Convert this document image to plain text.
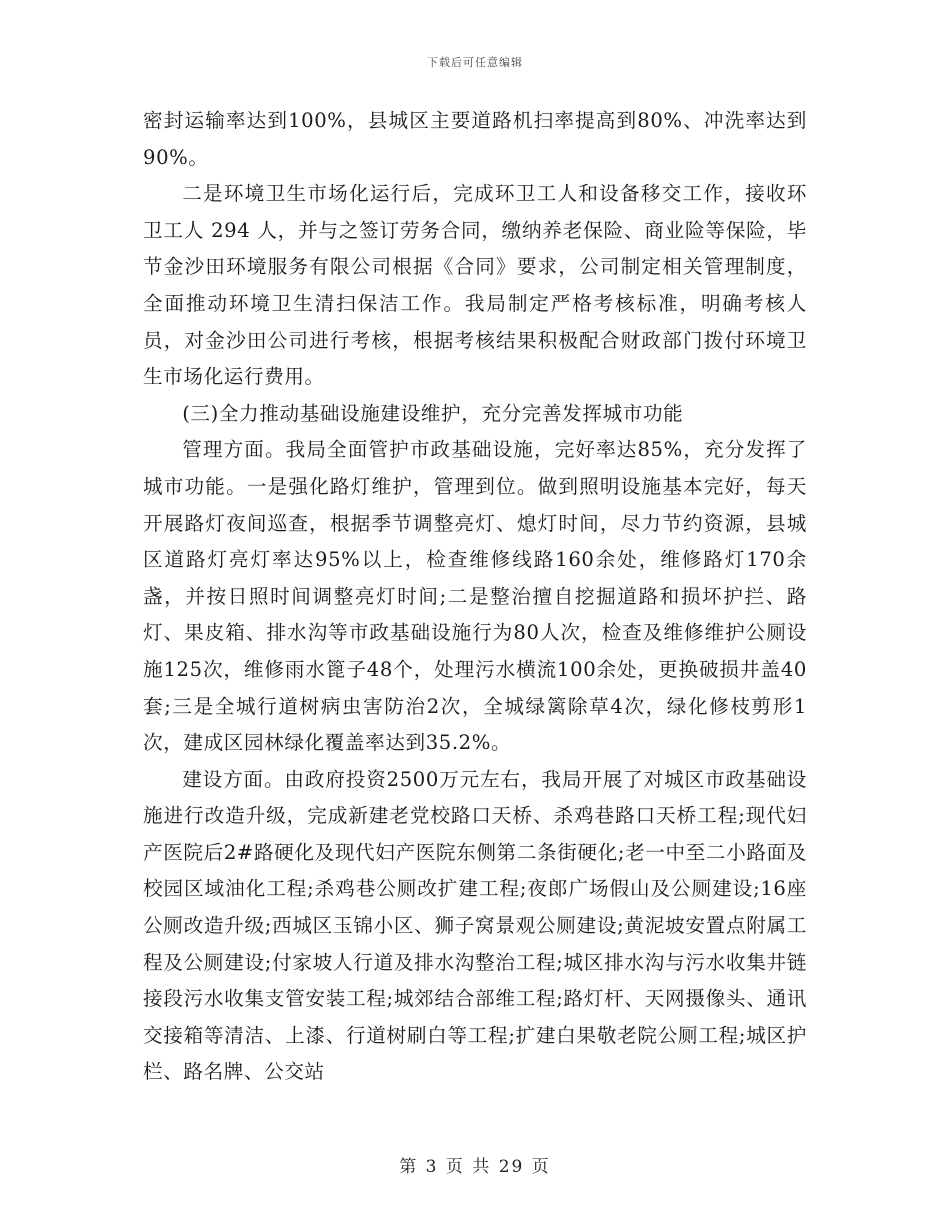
下载后可任意编辑

密封运输率达到100%，县城区主要道路机扫率提高到80%、冲洗率达到90%。

二是环境卫生市场化运行后，完成环卫工人和设备移交工作，接收环卫工人 294 人，并与之签订劳务合同，缴纳养老保险、商业险等保险，毕节金沙田环境服务有限公司根据《合同》要求，公司制定相关管理制度，全面推动环境卫生清扫保洁工作。我局制定严格考核标准，明确考核人员，对金沙田公司进行考核，根据考核结果积极配合财政部门拨付环境卫生市场化运行费用。

(三)全力推动基础设施建设维护，充分完善发挥城市功能

管理方面。我局全面管护市政基础设施，完好率达85%，充分发挥了城市功能。一是强化路灯维护，管理到位。做到照明设施基本完好，每天开展路灯夜间巡查，根据季节调整亮灯、熄灯时间，尽力节约资源，县城区道路灯亮灯率达95%以上，检查维修线路160余处，维修路灯170余盏，并按日照时间调整亮灯时间;二是整治擅自挖掘道路和损坏护拦、路灯、果皮箱、排水沟等市政基础设施行为80人次，检查及维修维护公厕设施125次，维修雨水篦子48个，处理污水横流100余处，更换破损井盖40套;三是全城行道树病虫害防治2次，全城绿篱除草4次，绿化修枝剪形1次，建成区园林绿化覆盖率达到35.2%。

建设方面。由政府投资2500万元左右，我局开展了对城区市政基础设施进行改造升级，完成新建老党校路口天桥、杀鸡巷路口天桥工程;现代妇产医院后2#路硬化及现代妇产医院东侧第二条街硬化;老一中至二小路面及校园区域油化工程;杀鸡巷公厕改扩建工程;夜郎广场假山及公厕建设;16座公厕改造升级;西城区玉锦小区、狮子窝景观公厕建设;黄泥坡安置点附属工程及公厕建设;付家坡人行道及排水沟整治工程;城区排水沟与污水收集井链接段污水收集支管安装工程;城郊结合部维工程;路灯杆、天网摄像头、通讯交接箱等清洁、上漆、行道树刷白等工程;扩建白果敬老院公厕工程;城区护栏、路名牌、公交站

第 3 页 共 29 页
